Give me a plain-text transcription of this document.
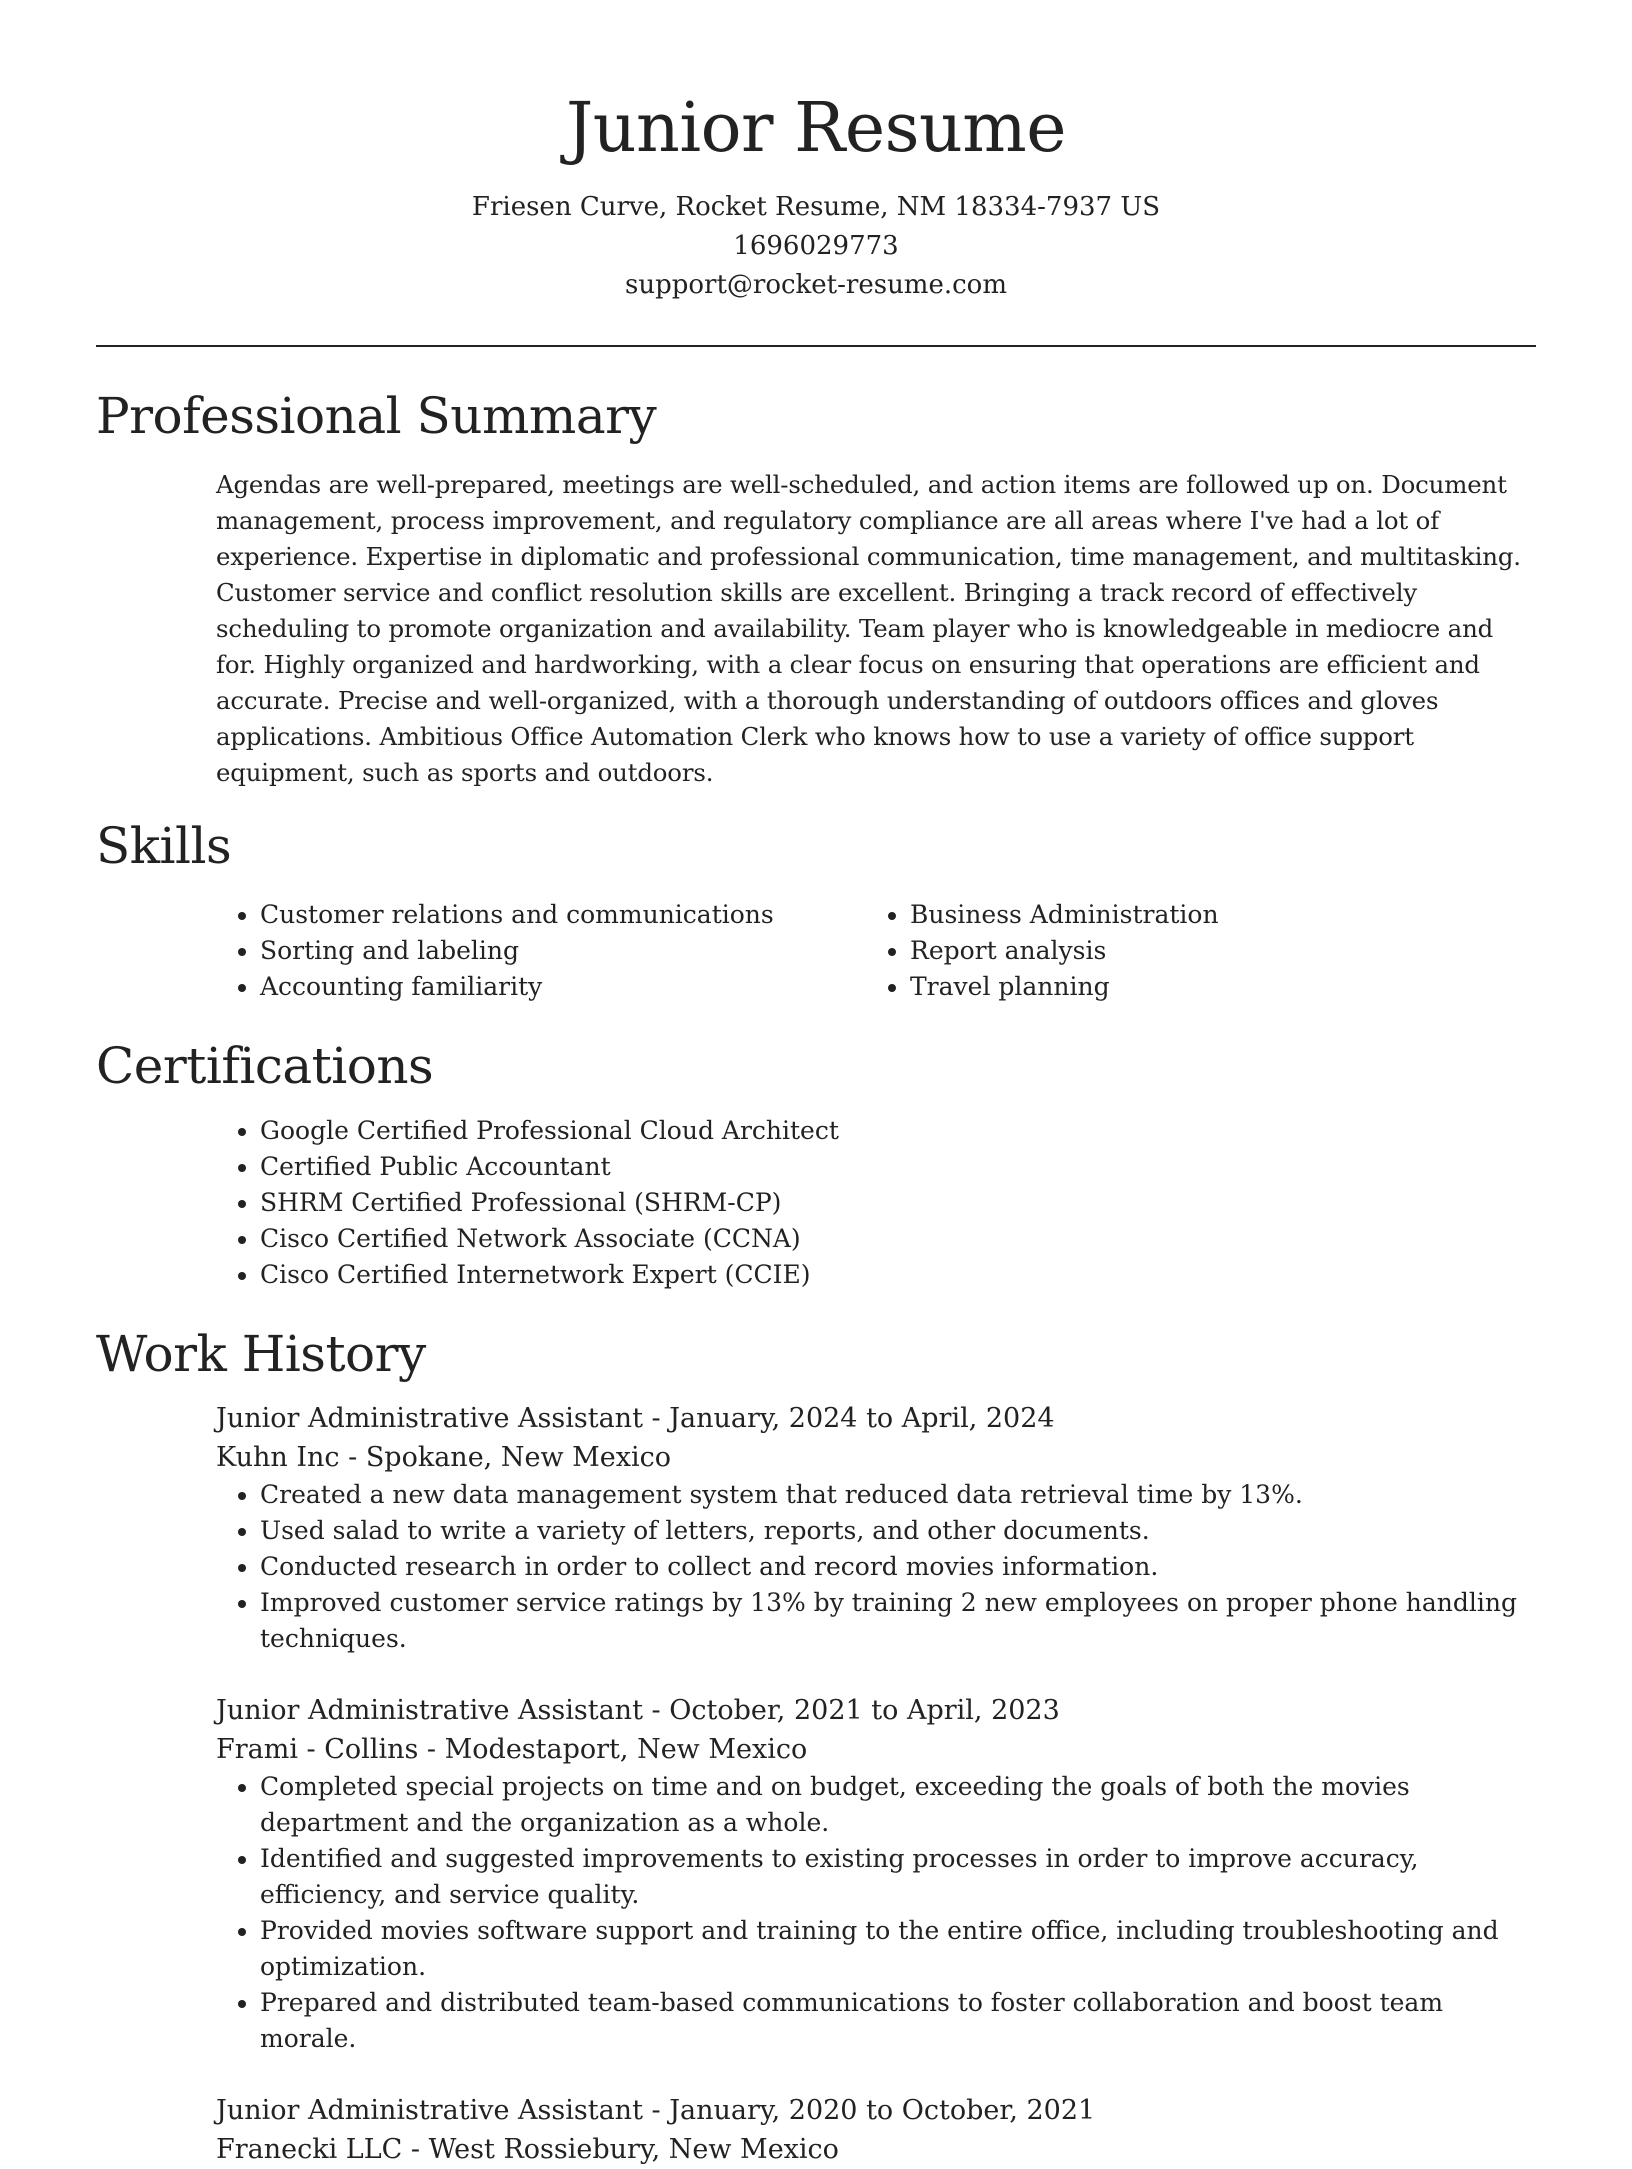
Junior Resume

Friesen Curve, Rocket Resume, NM 18334-7937 US

1696029773

support@rocket-resume.com

Professional Summary

Agendas are well-prepared, meetings are well-scheduled, and action items are followed up on. Document management, process improvement, and regulatory compliance are all areas where I've had a lot of experience. Expertise in diplomatic and professional communication, time management, and multitasking. Customer service and conflict resolution skills are excellent. Bringing a track record of effectively scheduling to promote organization and availability. Team player who is knowledgeable in mediocre and for. Highly organized and hardworking, with a clear focus on ensuring that operations are efficient and accurate. Precise and well-organized, with a thorough understanding of outdoors offices and gloves applications. Ambitious Office Automation Clerk who knows how to use a variety of office support equipment, such as sports and outdoors.

Skills
• Customer relations and communications
• Sorting and labeling
• Accounting familiarity
• Business Administration
• Report analysis
• Travel planning
Certifications
• Google Certified Professional Cloud Architect
• Certified Public Accountant
• SHRM Certified Professional (SHRM-CP)
• Cisco Certified Network Associate (CCNA)
• Cisco Certified Internetwork Expert (CCIE)
Work History

Junior Administrative Assistant - January, 2024 to April, 2024

Kuhn Inc - Spokane, New Mexico

• Created a new data management system that reduced data retrieval time by 13%.
• Used salad to write a variety of letters, reports, and other documents.
• Conducted research in order to collect and record movies information.
• Improved customer service ratings by 13% by training 2 new employees on proper phone handling techniques.

Junior Administrative Assistant - October, 2021 to April, 2023

Frami - Collins - Modestaport, New Mexico

• Completed special projects on time and on budget, exceeding the goals of both the movies department and the organization as a whole.
• Identified and suggested improvements to existing processes in order to improve accuracy, efficiency, and service quality.
• Provided movies software support and training to the entire office, including troubleshooting and optimization.
• Prepared and distributed team-based communications to foster collaboration and boost team morale.

Junior Administrative Assistant - January, 2020 to October, 2021

Franecki LLC - West Rossiebury, New Mexico
